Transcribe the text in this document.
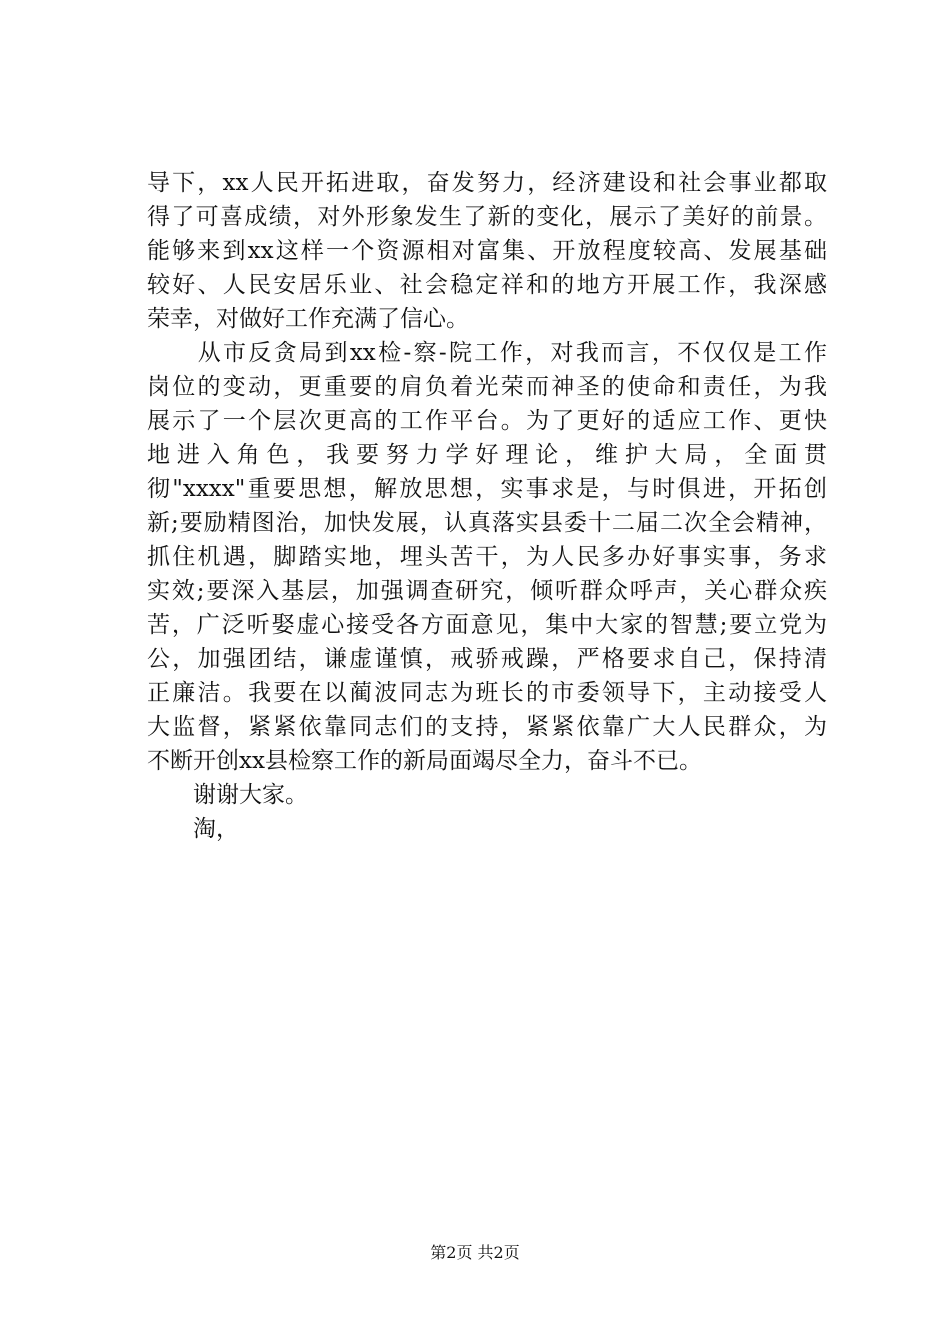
导下，xx人民开拓进取，奋发努力，经济建设和社会事业都取
得了可喜成绩，对外形象发生了新的变化，展示了美好的前景。
能够来到xx这样一个资源相对富集、开放程度较高、发展基础
较好、人民安居乐业、社会稳定祥和的地方开展工作，我深感
荣幸，对做好工作充满了信心。
　　从市反贪局到xx检-察-院工作，对我而言，不仅仅是工作
岗位的变动，更重要的肩负着光荣而神圣的使命和责任，为我
展示了一个层次更高的工作平台。为了更好的适应工作、更快
地进入角色，我要努力学好理论，维护大局，全面贯
彻"xxxx"重要思想，解放思想，实事求是，与时俱进，开拓创
新;要励精图治，加快发展，认真落实县委十二届二次全会精神，
抓住机遇，脚踏实地，埋头苦干，为人民多办好事实事，务求
实效;要深入基层，加强调查研究，倾听群众呼声，关心群众疾
苦，广泛听娶虚心接受各方面意见，集中大家的智慧;要立党为
公，加强团结，谦虚谨慎，戒骄戒躁，严格要求自己，保持清
正廉洁。我要在以蔺波同志为班长的市委领导下，主动接受人
大监督，紧紧依靠同志们的支持，紧紧依靠广大人民群众，为
不断开创xx县检察工作的新局面竭尽全力，奋斗不已。
　　谢谢大家。
　　淘，
第2页 共2页
